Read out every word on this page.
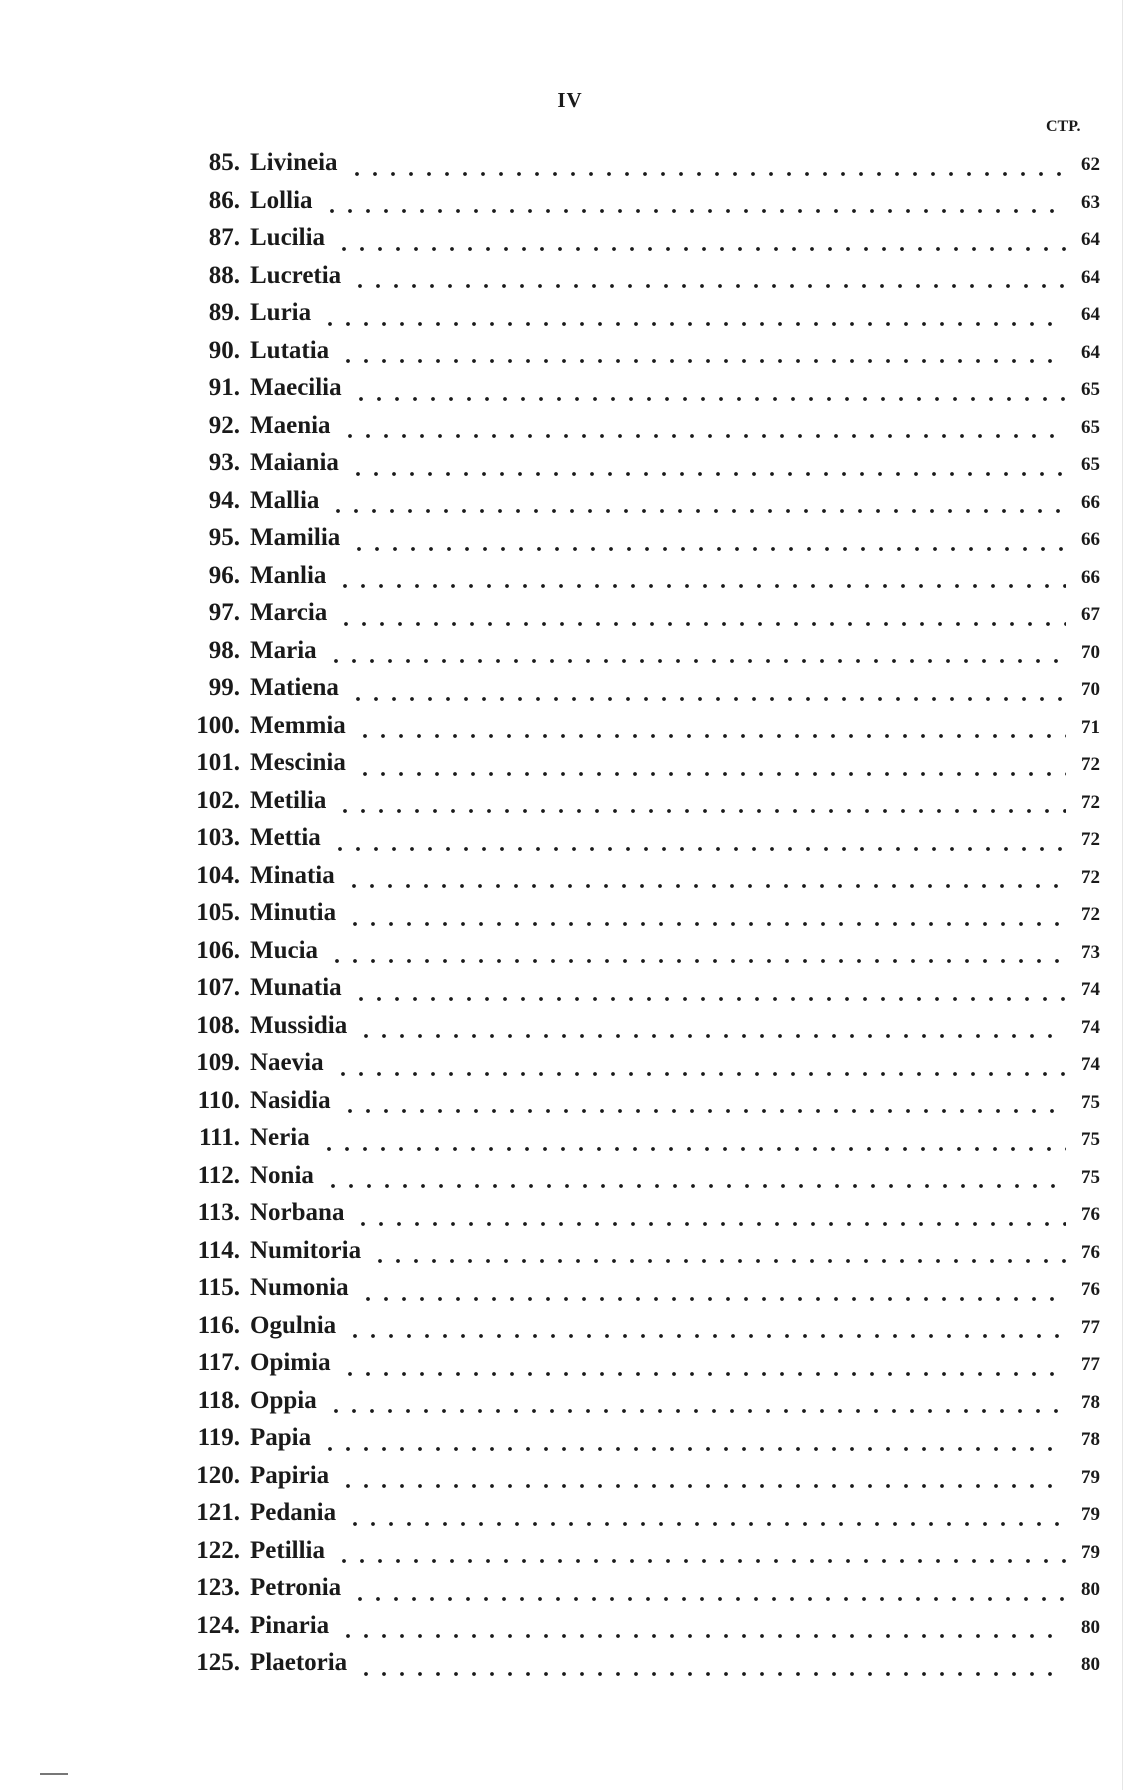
IV
CTP.
85. Livineia	62
86. Lollia	63
87. Lucilia	64
88. Lucretia	64
89. Luria	64
90. Lutatia	64
91. Maecilia	65
92. Maenia	65
93. Maiania	65
94. Mallia	66
95. Mamilia	66
96. Manlia	66
97. Marcia	67
98. Maria	70
99. Matiena	70
100. Memmia	71
101. Mescinia	72
102. Metilia	72
103. Mettia	72
104. Minatia	72
105. Minutia	72
106. Mucia	73
107. Munatia	74
108. Mussidia	74
109. Naevia	74
110. Nasidia	75
111. Neria	75
112. Nonia	75
113. Norbana	76
114. Numitoria	76
115. Numonia	76
116. Ogulnia	77
117. Opimia	77
118. Oppia	78
119. Papia	78
120. Papiria	79
121. Pedania	79
122. Petillia	79
123. Petronia	80
124. Pinaria	80
125. Plaetoria	80
